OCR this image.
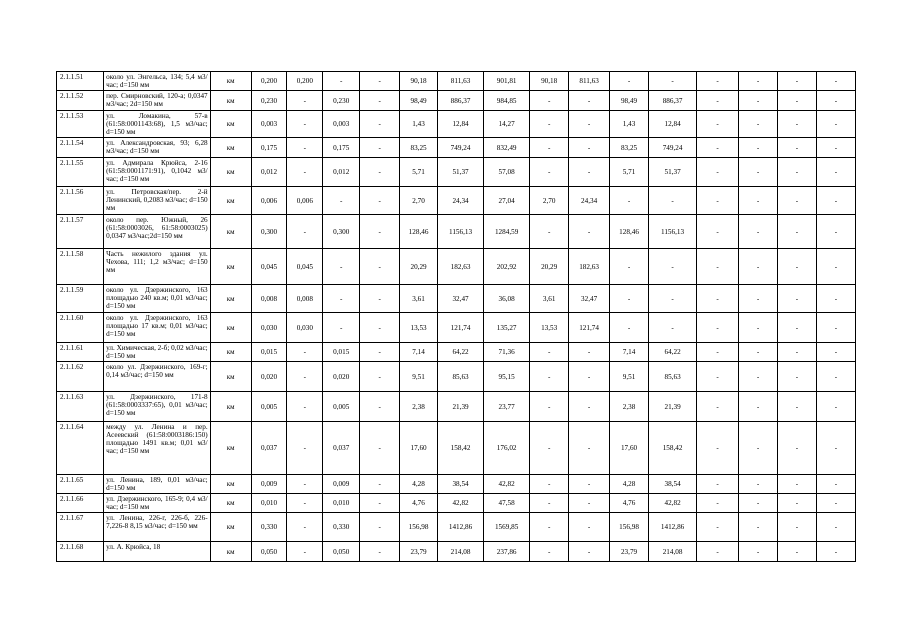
2.1.1.51	около ул. Энгельса, 134; 5,4 м3/час; d=150 мм	км	0,200	0,200	-	-	90,18	811,63	901,81	90,18	811,63	-	-	-	-	-	-
2.1.1.52	пер. Смирновский, 120-а; 0,0347 м3/час; 2d=150 мм	км	0,230	-	0,230	-	98,49	886,37	984,85	-	-	98,49	886,37	-	-	-	-
2.1.1.53	ул. Ломакина, 57-в (61:58:0001143:68), 1,5 м3/час; d=150 мм	км	0,003	-	0,003	-	1,43	12,84	14,27	-	-	1,43	12,84	-	-	-	-
2.1.1.54	ул. Александровская, 93; 6,28 м3/час; d=150 мм	км	0,175	-	0,175	-	83,25	749,24	832,49	-	-	83,25	749,24	-	-	-	-
2.1.1.55	ул. Адмирала Крюйса, 2-16 (61:58:0001171:91), 0,1042 м3/час; d=150 мм	км	0,012	-	0,012	-	5,71	51,37	57,08	-	-	5,71	51,37	-	-	-	-
2.1.1.56	ул. Петровская/пер. 2-й Ленинский, 0,2083 м3/час; d=150 мм	км	0,006	0,006	-	-	2,70	24,34	27,04	2,70	24,34	-	-	-	-	-	-
2.1.1.57	около пер. Южный, 26 (61:58:0003026, 61:58:0003025) 0,0347 м3/час;2d=150 мм	км	0,300	-	0,300	-	128,46	1156,13	1284,59	-	-	128,46	1156,13	-	-	-	-
2.1.1.58	Часть нежилого здания ул. Чехова, 111; 1,2 м3/час; d=150 мм	км	0,045	0,045	-	-	20,29	182,63	202,92	20,29	182,63	-	-	-	-	-	-
2.1.1.59	около ул. Дзержинского, 163 площадью 240 кв.м; 0,01 м3/час; d=150 мм	км	0,008	0,008	-	-	3,61	32,47	36,08	3,61	32,47	-	-	-	-	-	-
2.1.1.60	около ул. Дзержинского, 163 площадью 17 кв.м; 0,01 м3/час; d=150 мм	км	0,030	0,030	-	-	13,53	121,74	135,27	13,53	121,74	-	-	-	-	-	-
2.1.1.61	ул. Химическая, 2-б; 0,02 м3/час; d=150 мм	км	0,015	-	0,015	-	7,14	64,22	71,36	-	-	7,14	64,22	-	-	-	-
2.1.1.62	около ул. Дзержинского, 169-г; 0,14 м3/час; d=150 мм	км	0,020	-	0,020	-	9,51	85,63	95,15	-	-	9,51	85,63	-	-	-	-
2.1.1.63	ул. Дзержинского, 171-8 (61:58:0003337:65), 0,01 м3/час; d=150 мм	км	0,005	-	0,005	-	2,38	21,39	23,77	-	-	2,38	21,39	-	-	-	-
2.1.1.64	между ул. Ленина и пер. Асеевский (61:58:0003186:150) площадью 1491 кв.м; 0,01 м3/час; d=150 мм	км	0,037	-	0,037	-	17,60	158,42	176,02	-	-	17,60	158,42	-	-	-	-
2.1.1.65	ул. Ленина, 189, 0,01 м3/час; d=150 мм	км	0,009	-	0,009	-	4,28	38,54	42,82	-	-	4,28	38,54	-	-	-	-
2.1.1.66	ул. Дзержинского, 165-9; 0,4 м3/час; d=150 мм	км	0,010	-	0,010	-	4,76	42,82	47,58	-	-	4,76	42,82	-	-	-	-
2.1.1.67	ул. Ленина, 226-г, 226-б, 226-7,226-8 8,15 м3/час; d=150 мм	км	0,330	-	0,330	-	156,98	1412,86	1569,85	-	-	156,98	1412,86	-	-	-	-
2.1.1.68	ул. А. Крюйса, 18	км	0,050	-	0,050	-	23,79	214,08	237,86	-	-	23,79	214,08	-	-	-	-
